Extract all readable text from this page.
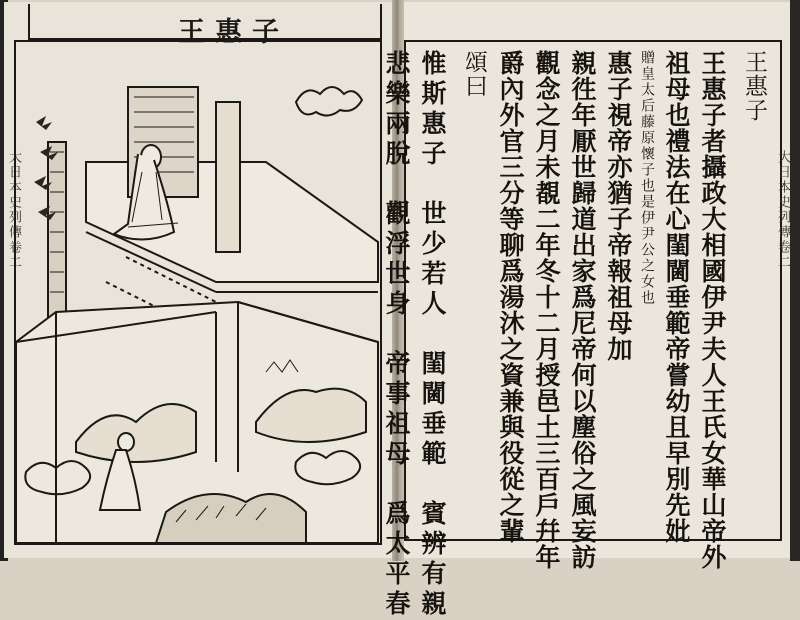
王惠子
大日本史列傳卷二	大日本史列傳卷二
王惠子
王惠子者攝政大相國伊尹夫人王氏女華山帝外
祖母也禮法在心閨閫垂範帝嘗幼且早別先妣
贈皇太后藤原懷子也是伊尹公之女也
惠子視帝亦猶子帝報祖母加
親徃年厭世歸道出家爲尼帝何以塵俗之風妄訪
觀念之月未覩二年冬十二月授邑土三百戶幷年
爵內外官三分等聊爲湯沐之資兼與役從之輩
頌曰
惟斯惠子　世少若人　閨閫垂範　賓辨有親
悲樂兩脫　觀浮世身　帝事祖母　爲太平春
